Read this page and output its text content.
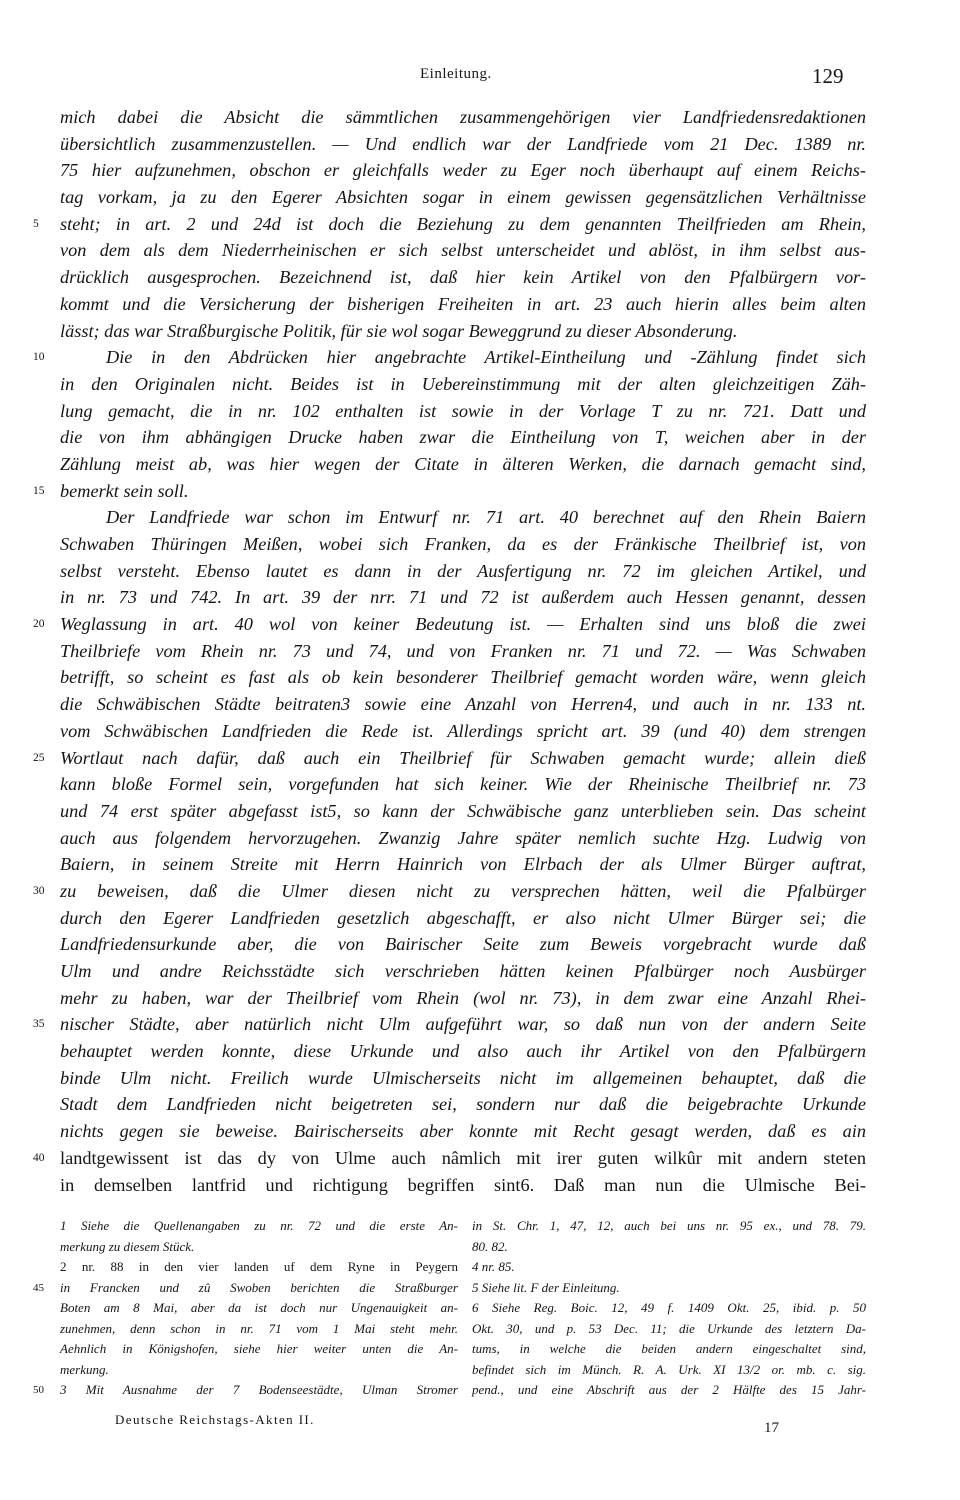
Einleitung.	129
mich dabei die Absicht die sämmtlichen zusammengehörigen vier Landfriedensredaktionen
übersichtlich zusammenzustellen. — Und endlich war der Landfriede vom 21 Dec. 1389 nr.
75 hier aufzunehmen, obschon er gleichfalls weder zu Eger noch überhaupt auf einem Reichs-
tag vorkam, ja zu den Egerer Absichten sogar in einem gewissen gegensätzlichen Verhältnisse
5	steht; in art. 2 und 24d ist doch die Beziehung zu dem genannten Theilfrieden am Rhein,
von dem als dem Niederrheinischen er sich selbst unterscheidet und ablöst, in ihm selbst aus-
drücklich ausgesprochen. Bezeichnend ist, daß hier kein Artikel von den Pfalbürgern vor-
kommt und die Versicherung der bisherigen Freiheiten in art. 23 auch hierin alles beim alten
lässt; das war Straßburgische Politik, für sie wol sogar Beweggrund zu dieser Absonderung.
10	Die in den Abdrücken hier angebrachte Artikel-Eintheilung und -Zählung findet sich
in den Originalen nicht. Beides ist in Uebereinstimmung mit der alten gleichzeitigen Zäh-
lung gemacht, die in nr. 102 enthalten ist sowie in der Vorlage T zu nr. 721. Datt und
die von ihm abhängigen Drucke haben zwar die Eintheilung von T, weichen aber in der
Zählung meist ab, was hier wegen der Citate in älteren Werken, die darnach gemacht sind,
15 bemerkt sein soll.
Der Landfriede war schon im Entwurf nr. 71 art. 40 berechnet auf den Rhein Baiern
Schwaben Thüringen Meißen, wobei sich Franken, da es der Fränkische Theilbrief ist, von
selbst versteht. Ebenso lautet es dann in der Ausfertigung nr. 72 im gleichen Artikel, und
in nr. 73 und 742. In art. 39 der nrr. 71 und 72 ist außerdem auch Hessen genannt, dessen
20 Weglassung in art. 40 wol von keiner Bedeutung ist. — Erhalten sind uns bloß die zwei
Theilbriefe vom Rhein nr. 73 und 74, und von Franken nr. 71 und 72. — Was Schwaben
betrifft, so scheint es fast als ob kein besonderer Theilbrief gemacht worden wäre, wenn gleich
die Schwäbischen Städte beitraten3 sowie eine Anzahl von Herren4, und auch in nr. 133 nt.
vom Schwäbischen Landfrieden die Rede ist. Allerdings spricht art. 39 (und 40) dem strengen
25 Wortlaut nach dafür, daß auch ein Theilbrief für Schwaben gemacht wurde; allein dieß
kann bloße Formel sein, vorgefunden hat sich keiner. Wie der Rheinische Theilbrief nr. 73
und 74 erst später abgefasst ist5, so kann der Schwäbische ganz unterblieben sein. Das scheint
auch aus folgendem hervorzugehen. Zwanzig Jahre später nemlich suchte Hzg. Ludwig von
Baiern, in seinem Streite mit Herrn Hainrich von Elrbach der als Ulmer Bürger auftrat,
30 zu beweisen, daß die Ulmer diesen nicht zu versprechen hätten, weil die Pfalbürger
durch den Egerer Landfrieden gesetzlich abgeschafft, er also nicht Ulmer Bürger sei; die
Landfriedensurkunde aber, die von Bairischer Seite zum Beweis vorgebracht wurde daß
Ulm und andre Reichsstädte sich verschrieben hätten keinen Pfalbürger noch Ausbürger
mehr zu haben, war der Theilbrief vom Rhein (wol nr. 73), in dem zwar eine Anzahl Rhei-
35 nischer Städte, aber natürlich nicht Ulm aufgeführt war, so daß nun von der andern Seite
behauptet werden konnte, diese Urkunde und also auch ihr Artikel von den Pfalbürgern
binde Ulm nicht. Freilich wurde Ulmischerseits nicht im allgemeinen behauptet, daß die
Stadt dem Landfrieden nicht beigetreten sei, sondern nur daß die beigebrachte Urkunde
nichts gegen sie beweise. Bairischerseits aber konnte mit Recht gesagt werden, daß es ain
40 landtgewissent ist das dy von Ulme auch nâmlich mit irer guten wilkûr mit andern steten
in demselben lantfrid und richtigung begriffen sint6. Daß man nun die Ulmische Bei-
1 Siehe die Quellenangaben zu nr. 72 und die erste An-
merkung zu diesem Stück.
2 nr. 88 in den vier landen uf dem Ryne in Peygern
45 in Francken und zû Swoben berichten die Straßburger
Boten am 8 Mai, aber da ist doch nur Ungenauigkeit an-
zunehmen, denn schon in nr. 71 vom 1 Mai steht mehr.
Aehnlich in Königshofen, siehe hier weiter unten die An-
merkung.
50 3 Mit Ausnahme der 7 Bodenseestädte, Ulman Stromer
in St. Chr. 1, 47, 12, auch bei uns nr. 95 ex., und 78. 79.
80. 82.
4 nr. 85.
5 Siehe lit. F der Einleitung.
6 Siehe Reg. Boic. 12, 49 f. 1409 Okt. 25, ibid. p. 50
Okt. 30, und p. 53 Dec. 11; die Urkunde des letztern Da-
tums, in welche die beiden andern eingeschaltet sind,
befindet sich im Münch. R. A. Urk. XI 13/2 or. mb. c. sig.
pend., und eine Abschrift aus der 2 Hälfte des 15 Jahr-
Deutsche Reichstags-Akten II.
17
